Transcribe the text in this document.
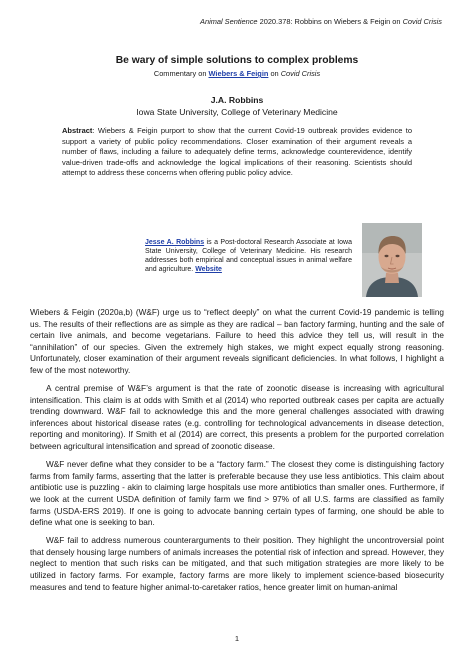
Animal Sentience 2020.378: Robbins on Wiebers & Feigin on Covid Crisis
Be wary of simple solutions to complex problems
Commentary on Wiebers & Feigin on Covid Crisis
J.A. Robbins
Iowa State University, College of Veterinary Medicine
Abstract: Wiebers & Feigin purport to show that the current Covid-19 outbreak provides evidence to support a variety of public policy recommendations. Closer examination of their argument reveals a number of flaws, including a failure to adequately define terms, acknowledge counterevidence, identify value-driven trade-offs and acknowledge the logical implications of their reasoning. Scientists should attempt to address these concerns when offering public policy advice.
Jesse A. Robbins is a Post-doctoral Research Associate at Iowa State University, College of Veterinary Medicine. His research addresses both empirical and conceptual issues in animal welfare and agriculture. Website

Wiebers & Feigin (2020a,b) (W&F) urge us to “reflect deeply” on what the current Covid-19 pandemic is telling us. The results of their reflections are as simple as they are radical – ban factory farming, hunting and the sale of certain live animals, and become vegetarians. Failure to heed this advice they tell us, will result in the “annihilation” of our species. Given the extremely high stakes, we might expect equally strong reasoning. Unfortunately, closer examination of their argument reveals significant deficiencies. In what follows, I highlight a few of the most noteworthy.

A central premise of W&F’s argument is that the rate of zoonotic disease is increasing with agricultural intensification. This claim is at odds with Smith et al (2014) who reported outbreak cases per capita are actually trending downward. W&F fail to acknowledge this and the more general challenges associated with drawing inferences about historical disease rates (e.g. controlling for technological advancements in disease detection, reporting and monitoring). If Smith et al (2014) are correct, this presents a problem for the purported correlation between agricultural intensification and spread of zoonotic disease.

W&F never define what they consider to be a “factory farm.” The closest they come is distinguishing factory farms from family farms, asserting that the latter is preferable because they use less antibiotics. This claim about antibiotic use is puzzling - akin to claiming large hospitals use more antibiotics than smaller ones. Furthermore, if we look at the current USDA definition of family farm we find > 97% of all U.S. farms are classified as family farms (USDA-ERS 2019). If one is going to advocate banning certain types of farming, one should be able to define what one is seeking to ban.

W&F fail to address numerous counterarguments to their position. They highlight the uncontroversial point that densely housing large numbers of animals increases the potential risk of infection and spread. However, they neglect to mention that such risks can be mitigated, and that such mitigation strategies are more likely to be utilized in factory farms. For example, factory farms are more likely to implement science-based biosecurity measures and tend to feature higher animal-to-caretaker ratios, hence greater limit on human-animal

1
